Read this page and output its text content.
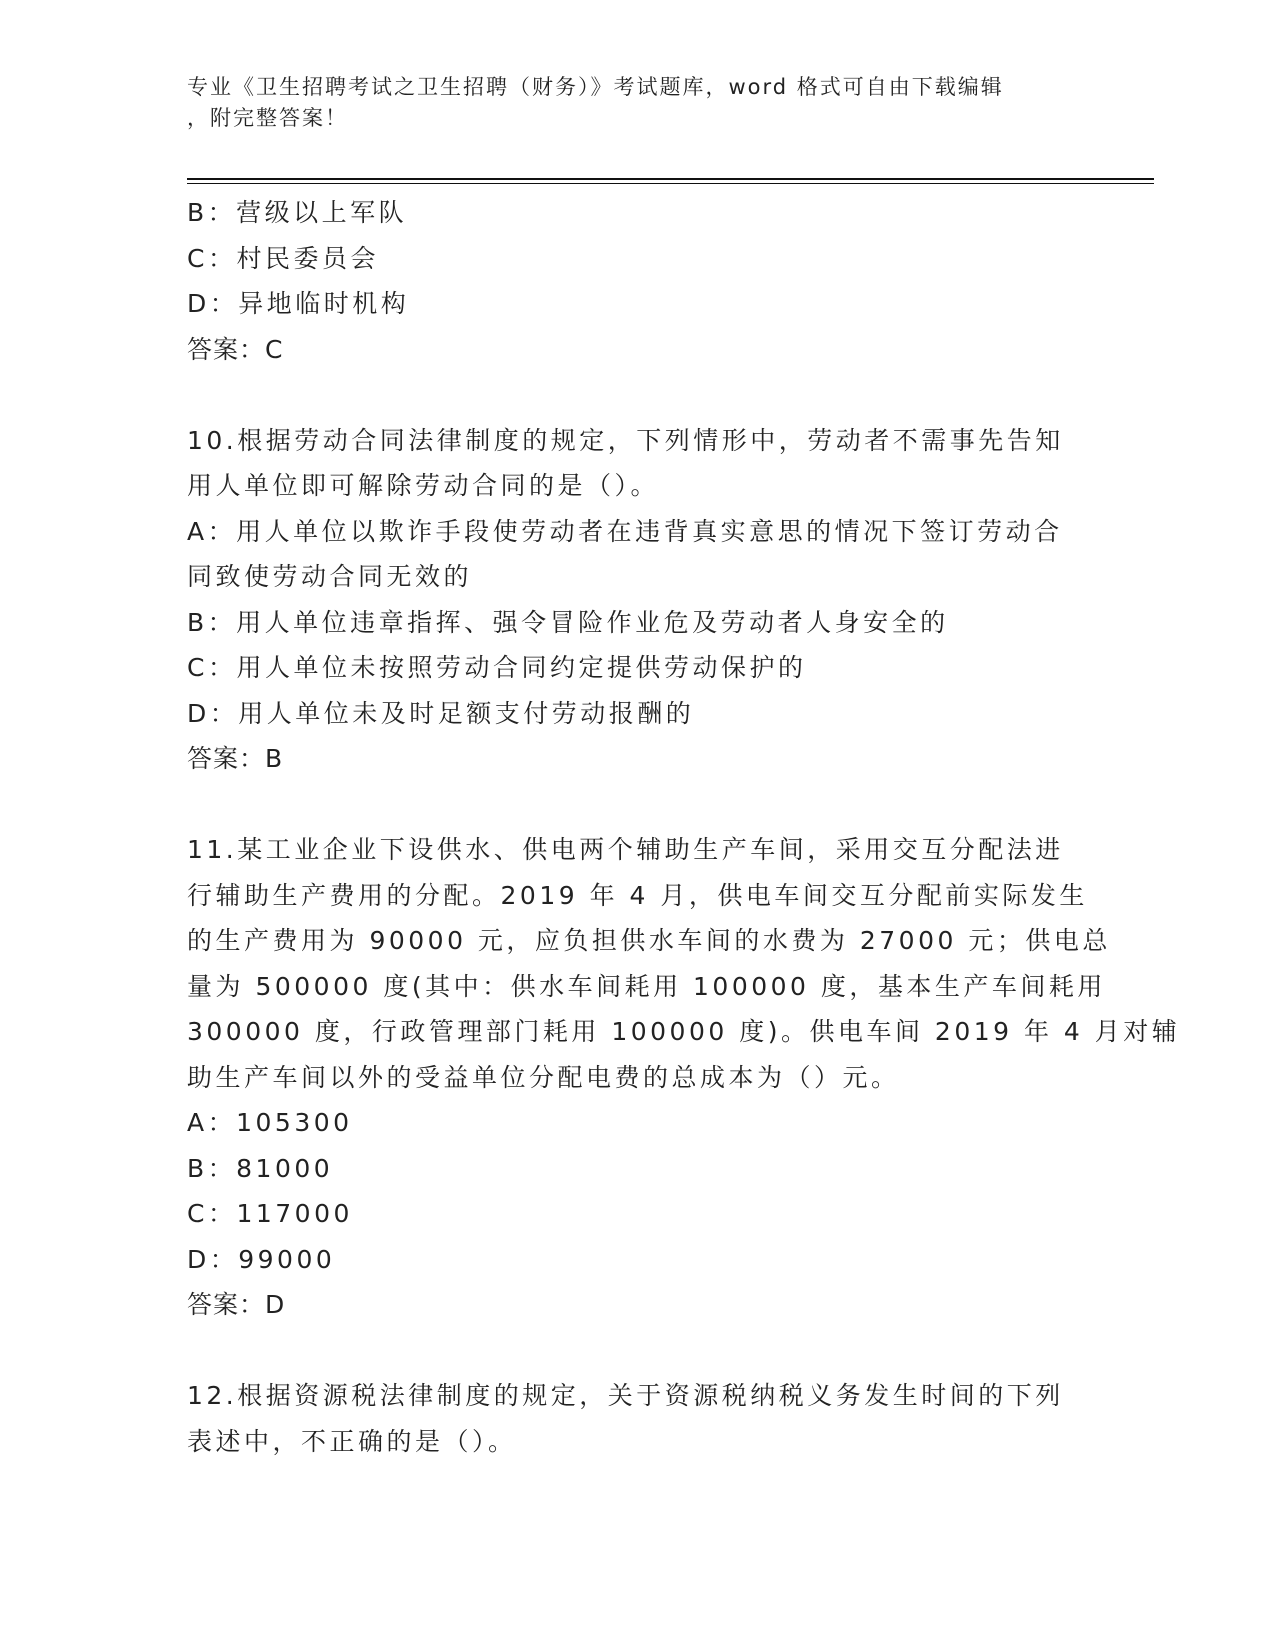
专业《卫生招聘考试之卫生招聘（财务）》考试题库，word 格式可自由下载编辑
，附完整答案！
B：营级以上军队
C：村民委员会
D：异地临时机构
答案：C
10.根据劳动合同法律制度的规定，下列情形中，劳动者不需事先告知
用人单位即可解除劳动合同的是（）。
A：用人单位以欺诈手段使劳动者在违背真实意思的情况下签订劳动合
同致使劳动合同无效的
B：用人单位违章指挥、强令冒险作业危及劳动者人身安全的
C：用人单位未按照劳动合同约定提供劳动保护的
D：用人单位未及时足额支付劳动报酬的
答案：B
11.某工业企业下设供水、供电两个辅助生产车间，采用交互分配法进
行辅助生产费用的分配。2019 年 4 月，供电车间交互分配前实际发生
的生产费用为 90000 元，应负担供水车间的水费为 27000 元；供电总
量为 500000 度(其中：供水车间耗用 100000 度，基本生产车间耗用
300000 度，行政管理部门耗用 100000 度)。供电车间 2019 年 4 月对辅
助生产车间以外的受益单位分配电费的总成本为（）元。
A：105300
B：81000
C：117000
D：99000
答案：D
12.根据资源税法律制度的规定，关于资源税纳税义务发生时间的下列
表述中，不正确的是（）。
